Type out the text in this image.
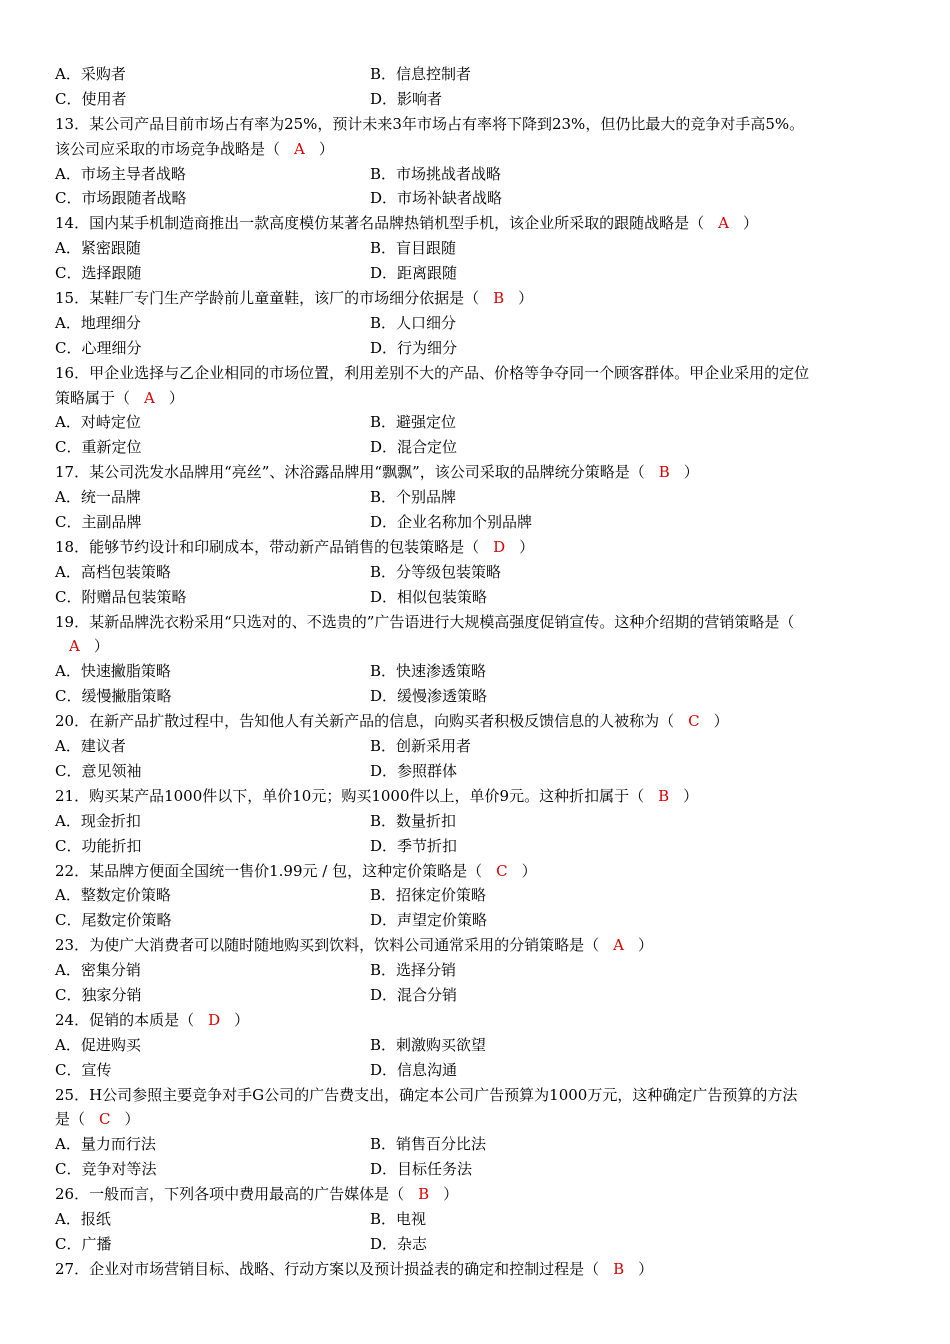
A．采购者	B．信息控制者
C．使用者	D．影响者
13．某公司产品目前市场占有率为25%，预计未来3年市场占有率将下降到23%，但仍比最大的竞争对手高5%。
该公司应采取的市场竞争战略是（ A ）
A．市场主导者战略	B．市场挑战者战略
C．市场跟随者战略	D．市场补缺者战略
14．国内某手机制造商推出一款高度模仿某著名品牌热销机型手机，该企业所采取的跟随战略是（ A ）
A．紧密跟随	B．盲目跟随
C．选择跟随	D．距离跟随
15．某鞋厂专门生产学龄前儿童童鞋，该厂的市场细分依据是（ B ）
A．地理细分	B．人口细分
C．心理细分	D．行为细分
16．甲企业选择与乙企业相同的市场位置，利用差别不大的产品、价格等争夺同一个顾客群体。甲企业采用的定位
策略属于（ A ）
A．对峙定位	B．避强定位
C．重新定位	D．混合定位
17．某公司洗发水品牌用“亮丝”、沐浴露品牌用“飘飘”，该公司采取的品牌统分策略是（ B ）
A．统一品牌	B．个别品牌
C．主副品牌	D．企业名称加个别品牌
18．能够节约设计和印刷成本，带动新产品销售的包装策略是（ D ）
A．高档包装策略	B．分等级包装策略
C．附赠品包装策略	D．相似包装策略
19．某新品牌洗衣粉采用“只选对的、不选贵的”广告语进行大规模高强度促销宣传。这种介绍期的营销策略是（
A ）
A．快速撇脂策略	B．快速渗透策略
C．缓慢撇脂策略	D．缓慢渗透策略
20．在新产品扩散过程中，告知他人有关新产品的信息，向购买者积极反馈信息的人被称为（ C ）
A．建议者	B．创新采用者
C．意见领袖	D．参照群体
21．购买某产品1000件以下，单价10元；购买1000件以上，单价9元。这种折扣属于（ B ）
A．现金折扣	B．数量折扣
C．功能折扣	D．季节折扣
22．某品牌方便面全国统一售价1.99元 / 包，这种定价策略是（ C ）
A．整数定价策略	B．招徕定价策略
C．尾数定价策略	D．声望定价策略
23．为使广大消费者可以随时随地购买到饮料，饮料公司通常采用的分销策略是（ A ）
A．密集分销	B．选择分销
C．独家分销	D．混合分销
24．促销的本质是（ D ）
A．促进购买	B．刺激购买欲望
C．宣传	D．信息沟通
25．H公司参照主要竞争对手G公司的广告费支出，确定本公司广告预算为1000万元，这种确定广告预算的方法
是（ C ）
A．量力而行法	B．销售百分比法
C．竞争对等法	D．目标任务法
26．一般而言，下列各项中费用最高的广告媒体是（ B ）
A．报纸	B．电视
C．广播	D．杂志
27．企业对市场营销目标、战略、行动方案以及预计损益表的确定和控制过程是（ B ）
